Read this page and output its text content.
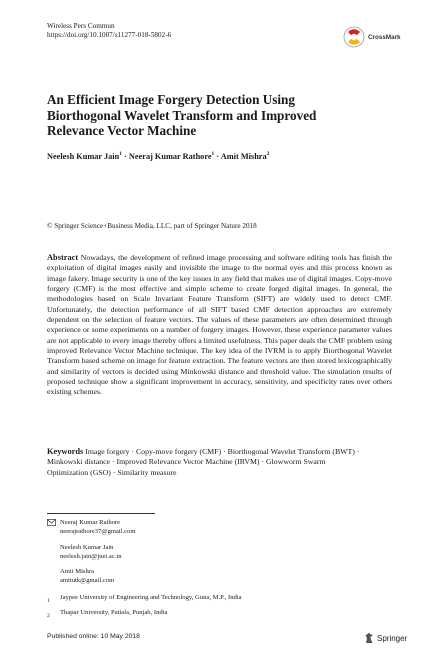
Wireless Pers Commun
https://doi.org/10.1007/s11277-018-5802-6	CrossMark
An Efficient Image Forgery Detection Using Biorthogonal Wavelet Transform and Improved Relevance Vector Machine
Neelesh Kumar Jain$^1$ · Neeraj Kumar Rathore$^1$ · Amit Mishra$^2$
© Springer Science+Business Media, LLC, part of Springer Nature 2018
Abstract Nowadays, the development of refined image processing and software editing tools has finish the exploitation of digital images easily and invisible the image to the normal eyes and this process known as image fakery. Image security is one of the key issues in any field that makes use of digital images. Copy-move forgery (CMF) is the most effective and simple scheme to create forged digital images. In general, the methodologies based on Scale Invariant Feature Transform (SIFT) are widely used to detect CMF. Unfortunately, the detection performance of all SIFT based CMF detection approaches are extremely dependent on the selection of feature vectors. The values of these parameters are often determined through experience or some experiments on a number of forgery images. However, these experience parameter values are not applicable to every image thereby offers a limited usefulness. This paper deals the CMF problem using improved Relevance Vector Machine technique. The key idea of the IVRM is to apply Biorthogonal Wavelet Transform based scheme on image for feature extraction. The feature vectors are then stored lexicographically and similarity of vectors is decided using Minkowski distance and threshold value. The simulation results of proposed technique show a significant improvement in accuracy, sensitivity, and specificity rates over others existing schemes.
Keywords Image forgery · Copy-move forgery (CMF) · Biorthogonal Wavelet Transform (BWT) · Minkowski distance · Improved Relevance Vector Machine (IRVM) · Glowworm Swarm Optimization (GSO) · Similarity measure
Neeraj Kumar Rathore
neerajrathore37@gmail.com
Neelesh Kumar Jain
neelesh.jain@juet.ac.in
Amit Mishra
amitutk@gmail.com
1 Jaypee University of Engineering and Technology, Guna, M.P., India
2 Thapar University, Patiala, Punjab, India
Published online: 10 May 2018	Springer
